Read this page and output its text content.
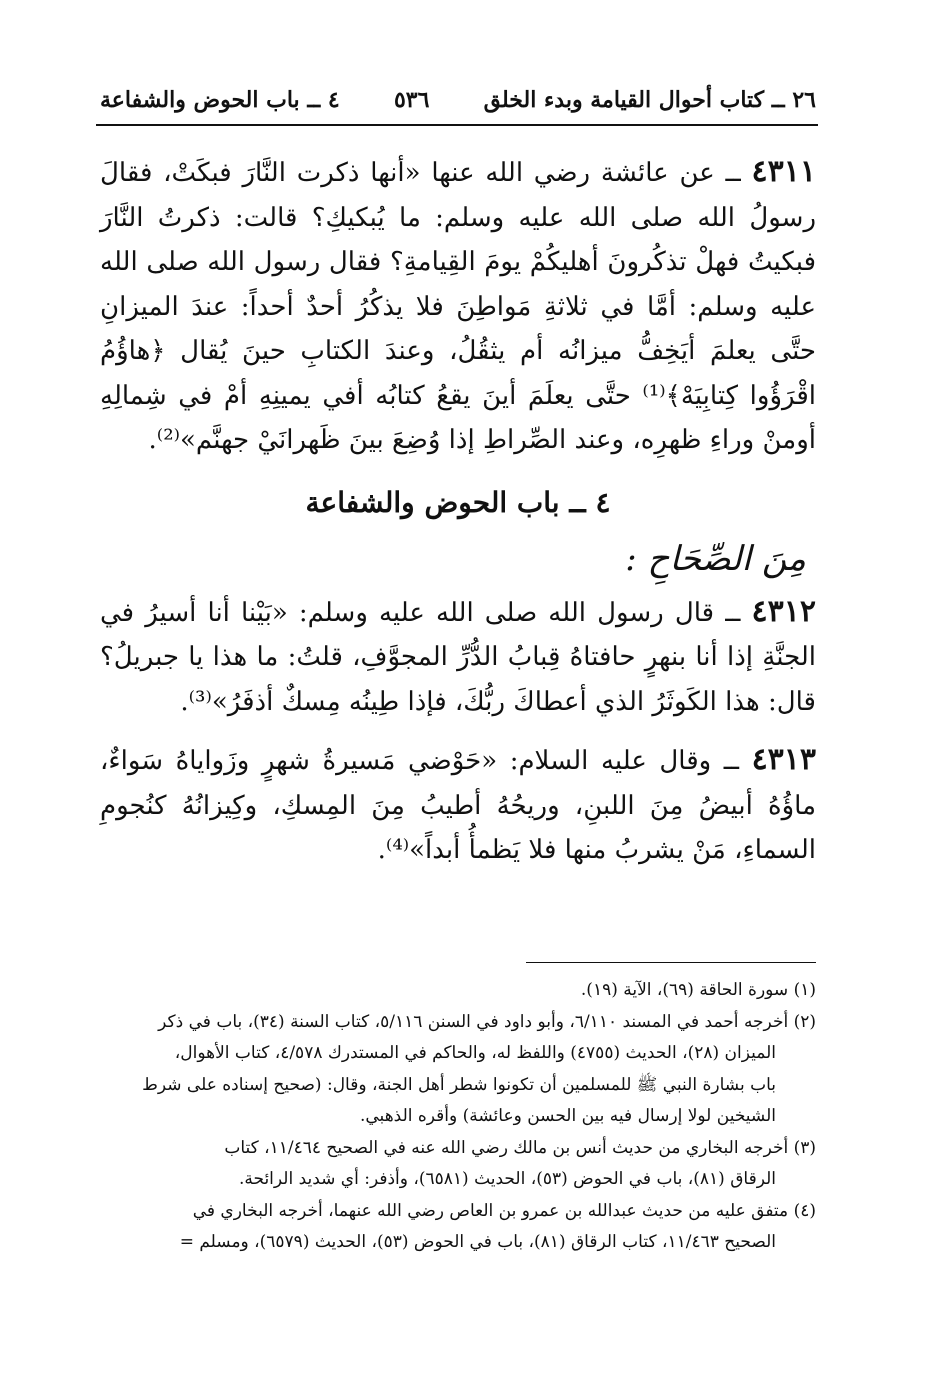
٢٦ ــ كتاب أحوال القيامة وبدء الخلق
٥٣٦
٤ ــ باب الحوض والشفاعة

٤٣١١ ــ عن عائشة رضي الله عنها «أنها ذكرت النَّارَ فبكَتْ، فقالَ رسولُ الله صلى الله عليه وسلم: ما يُبكيكِ؟ قالت: ذكرتُ النَّارَ فبكيتُ فهلْ تذكُرونَ أهليكُمْ يومَ القِيامةِ؟ فقال رسول الله صلى الله عليه وسلم: أمَّا في ثلاثةِ مَواطِنَ فلا يذكُرُ أحدٌ أحداً: عندَ الميزانِ حتَّى يعلمَ أيَخِفُّ ميزانُه أم يثقُلُ، وعندَ الكتابِ حينَ يُقال ﴿هاؤُمُ اقْرَؤُوا كِتابِيَهْ﴾⁽¹⁾ حتَّى يعلَمَ أينَ يقعُ كتابُه أفي يمينِهِ أمْ في شِمالِهِ أومنْ وراءِ ظهرِه، وعند الصِّراطِ إذا وُضِعَ بينَ ظَهرانَيْ جهنَّم»⁽²⁾.

٤ ــ باب الحوض والشفاعة
مِنَ الصِّحَاحِ :

٤٣١٢ ــ قال رسول الله صلى الله عليه وسلم: «بَيْنا أنا أسيرُ في الجنَّةِ إذا أنا بنهرٍ حافتاهُ قِبابُ الدُّرِّ المجوَّفِ، قلتُ: ما هذا يا جبريلُ؟ قال: هذا الكَوثَرُ الذي أعطاكَ ربُّكَ، فإذا طِينُه مِسكٌ أذفَرُ»⁽³⁾.

٤٣١٣ ــ وقال عليه السلام: «حَوْضي مَسيرةُ شهرٍ وزَواياهُ سَواءٌ، ماؤُهُ أبيضُ مِنَ اللبنِ، وريحُهُ أطيبُ مِنَ المِسكِ، وكِيزانُهُ كنُجومِ السماءِ، مَنْ يشربُ منها فلا يَظمأُ أبداً»⁽⁴⁾.

(١) سورة الحاقة (٦٩)، الآية (١٩).

(٢) أخرجه أحمد في المسند ٦/١١٠، وأبو داود في السنن ٥/١١٦، كتاب السنة (٣٤)، باب في ذكر

الميزان (٢٨)، الحديث (٤٧٥٥) واللفظ له، والحاكم في المستدرك ٤/٥٧٨، كتاب الأهوال،

باب بشارة النبي ﷺ للمسلمين أن تكونوا شطر أهل الجنة، وقال: (صحيح إسناده على شرط

الشيخين لولا إرسال فيه بين الحسن وعائشة) وأقره الذهبي.

(٣) أخرجه البخاري من حديث أنس بن مالك رضي الله عنه في الصحيح ١١/٤٦٤، كتاب

الرقاق (٨١)، باب في الحوض (٥٣)، الحديث (٦٥٨١)، وأذفر: أي شديد الرائحة.

(٤) متفق عليه من حديث عبدالله بن عمرو بن العاص رضي الله عنهما، أخرجه البخاري في

الصحيح ١١/٤٦٣، كتاب الرقاق (٨١)، باب في الحوض (٥٣)، الحديث (٦٥٧٩)، ومسلم =
